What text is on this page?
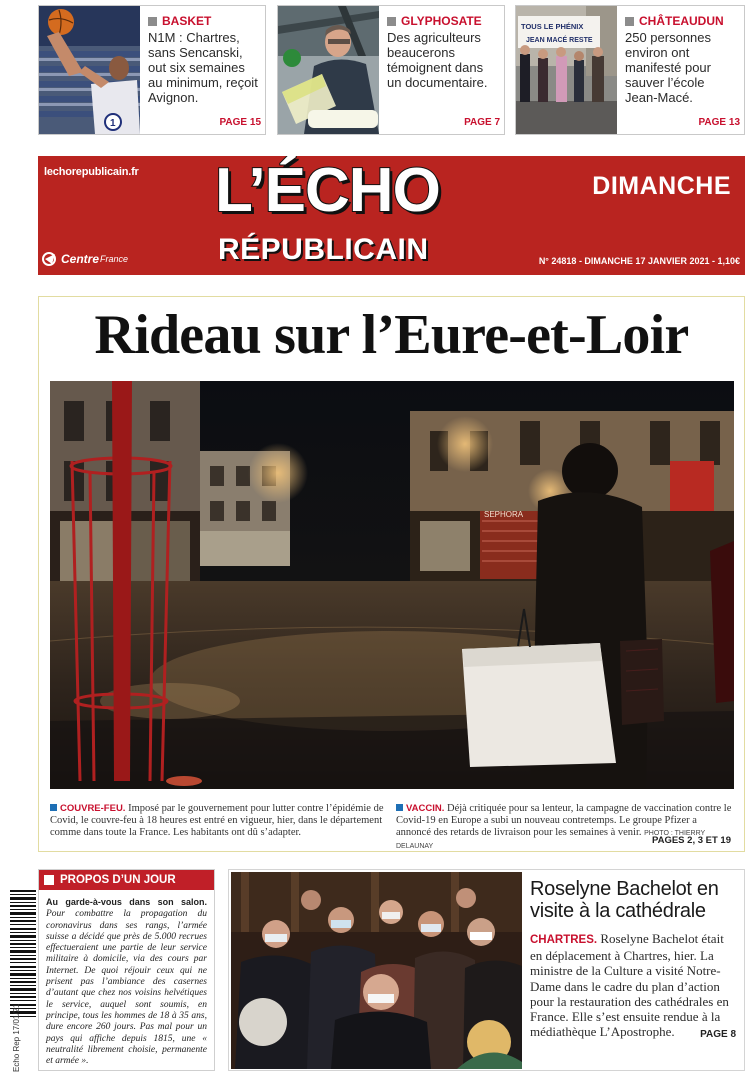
1
BASKET
N1M : Chartres, sans Sencanski, out six semaines au minimum, reçoit Avignon.
PAGE 15
GLYPHOSATE
Des agriculteurs beaucerons témoignent dans un documentaire.
PAGE 7
TOUS LE PHÉNIX
JEAN MACÉ RESTE
CHÂTEAUDUN
250 personnes environ ont manifesté pour sauver l’école Jean-Macé.
PAGE 13
lechorepublicain.fr L’ÉCHO
RÉPUBLICAIN
DIMANCHE
Centre France	N° 24818 - DIMANCHE 17 JANVIER 2021 - 1,10€
Rideau sur l’Eure-et-Loir
SEPHORA
COUVRE-FEU. Imposé par le gouvernement pour lutter contre l’épidémie de Covid, le couvre-feu à 18 heures est entré en vigueur, hier, dans le département comme dans toute la France. Les habitants ont dû s’adapter.
VACCIN. Déjà critiquée pour sa lenteur, la campagne de vaccination contre le Covid-19 en Europe a subi un nouveau contretemps. Le groupe Pfizer a annoncé des retards de livraison pour les semaines à venir. PHOTO : THIERRY DELAUNAY
PAGES 2, 3 ET 19
Echo Rep 17/01/21
PROPOS D’UN JOUR
Au garde-à-vous dans son salon. Pour combattre la propagation du coronavirus dans ses rangs, l’armée suisse a décidé que près de 5.000 recrues effectueraient une partie de leur service militaire à domicile, via des cours par Internet. De quoi réjouir ceux qui ne prisent pas l’ambiance des casernes d’autant que chez nos voisins helvétiques le service, auquel sont soumis, en principe, tous les hommes de 18 à 35 ans, dure encore 260 jours. Pas mal pour un pays qui affiche depuis 1815, une « neutralité librement choisie, permanente et armée ».
Roselyne Bachelot en visite à la cathédrale
CHARTRES. Roselyne Bachelot était en déplacement à Chartres, hier. La ministre de la Culture a visité Notre-Dame dans le cadre du plan d’action pour la restauration des cathédrales en France. Elle s’est ensuite rendue à la médiathèque L’Apostrophe.	PAGE 8
